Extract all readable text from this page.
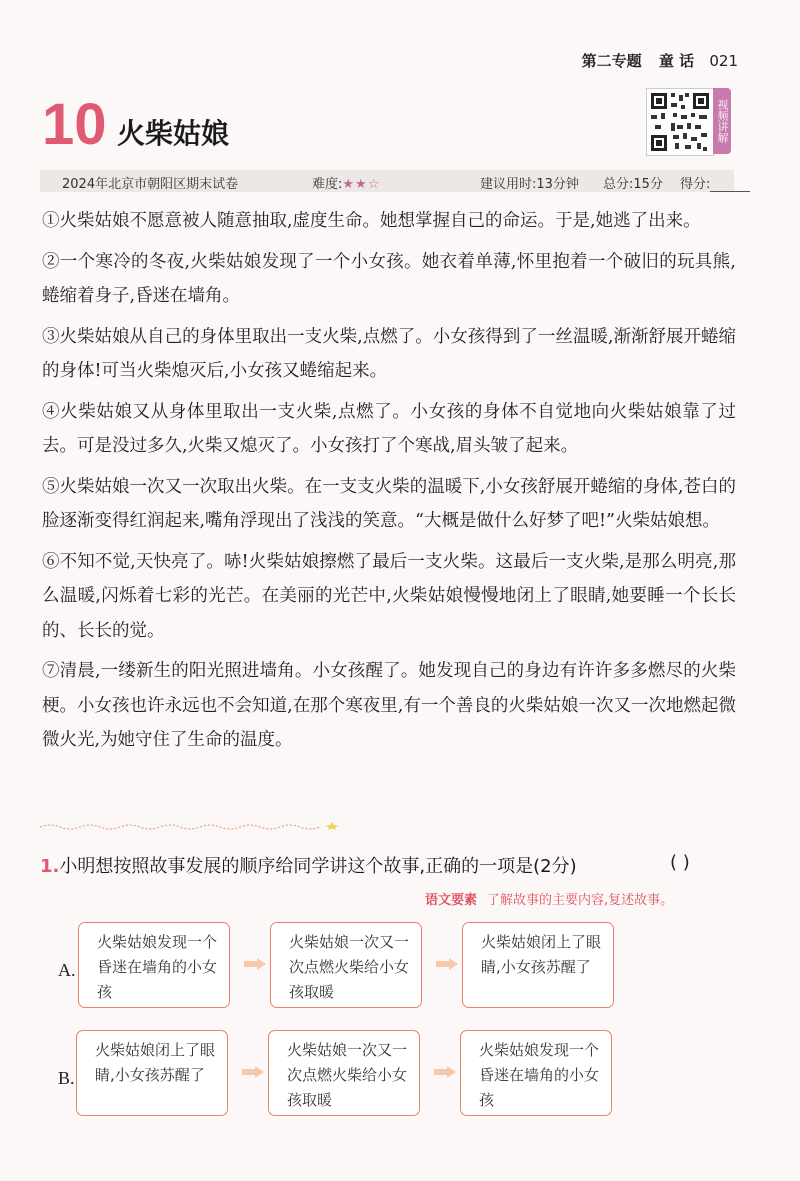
第二专题 童 话 021
10 火柴姑娘	视频讲解
2024年北京市朝阳区期末试卷	难度:★★☆	建议用时:13分钟 总分:15分 得分:

①火柴姑娘不愿意被人随意抽取,虚度生命。她想掌握自己的命运。于是,她逃了出来。

②一个寒冷的冬夜,火柴姑娘发现了一个小女孩。她衣着单薄,怀里抱着一个破旧的玩具熊,蜷缩着身子,昏迷在墙角。

③火柴姑娘从自己的身体里取出一支火柴,点燃了。小女孩得到了一丝温暖,渐渐舒展开蜷缩的身体!可当火柴熄灭后,小女孩又蜷缩起来。

④火柴姑娘又从身体里取出一支火柴,点燃了。小女孩的身体不自觉地向火柴姑娘靠了过去。可是没过多久,火柴又熄灭了。小女孩打了个寒战,眉头皱了起来。

⑤火柴姑娘一次又一次取出火柴。在一支支火柴的温暖下,小女孩舒展开蜷缩的身体,苍白的脸逐渐变得红润起来,嘴角浮现出了浅浅的笑意。“大概是做什么好梦了吧!”火柴姑娘想。

⑥不知不觉,天快亮了。哧!火柴姑娘擦燃了最后一支火柴。这最后一支火柴,是那么明亮,那么温暖,闪烁着七彩的光芒。在美丽的光芒中,火柴姑娘慢慢地闭上了眼睛,她要睡一个长长的、长长的觉。

⑦清晨,一缕新生的阳光照进墙角。小女孩醒了。她发现自己的身边有许许多多燃尽的火柴梗。小女孩也许永远也不会知道,在那个寒夜里,有一个善良的火柴姑娘一次又一次地燃起微微火光,为她守住了生命的温度。

1.小明想按照故事发展的顺序给同学讲这个故事,正确的一项是(2分)	( )
语文要素 了解故事的主要内容,复述故事。
A.
火柴姑娘发现一个昏迷在墙角的小女孩
火柴姑娘一次又一次点燃火柴给小女孩取暖
火柴姑娘闭上了眼睛,小女孩苏醒了
B.
火柴姑娘闭上了眼睛,小女孩苏醒了
火柴姑娘一次又一次点燃火柴给小女孩取暖
火柴姑娘发现一个昏迷在墙角的小女孩
